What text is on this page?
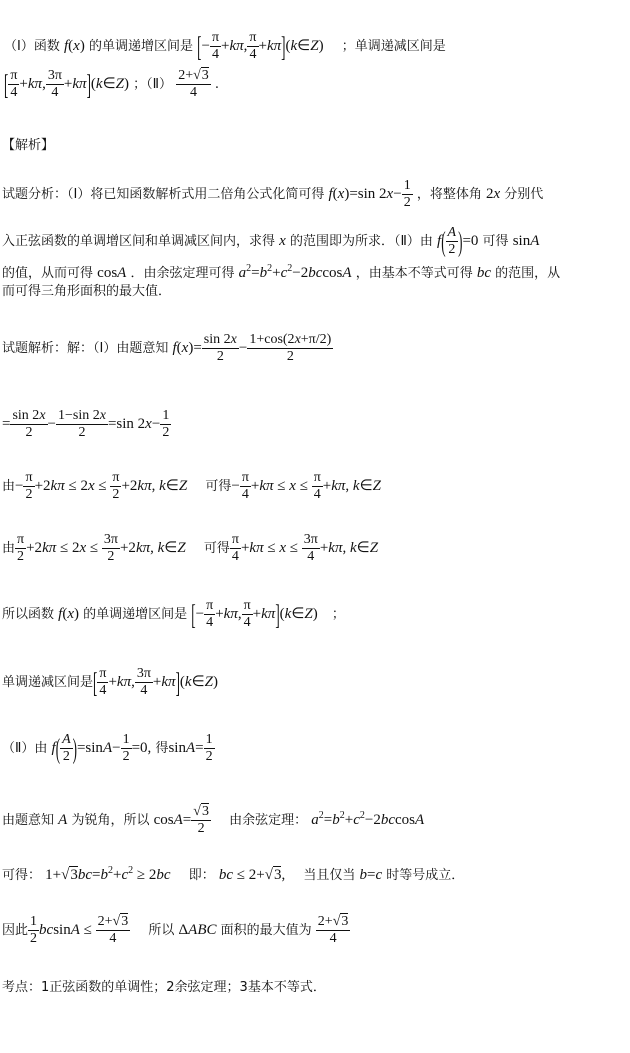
（Ⅰ）函数 f(x) 的单调递增区间是 [− $\frac{\pi}{4} +k\pi$, $\frac{\pi}{4}$ +kπ](k∈Z) ；单调递减区间是
[ $\frac{\pi}{4} +k\pi$, $\frac{3\pi}{4}$ +kπ](k∈Z) ；（Ⅱ） $\frac{2+√3}{4}$ .
【解析】
试题分析：（Ⅰ）将已知函数解析式用二倍角公式化简可得 f(x)=sin $2x- \frac{1}{2}$ ，将整体角 2x 分别代
入正弦函数的单调增区间和单调减区间内，求得 x 的范围即为所求．（Ⅱ）由 $f( \frac{A}{2} )=0$ 可得 sinA
的值，从而可得 cosA ．由余弦定理可得 $a^2=b^2+c^2-2bccosA$ ，由基本不等式可得 bc 的范围，从
而可得三角形面积的最大值．
试题解析：解：（Ⅰ）由题意知 $f(x)= \frac{\sin 2x}{2} - \frac{1+\cos(2x+\pi/2)}{2}$
= $\frac{\sin 2x}{2} - \frac{1-\sin 2x}{2} =\sin$ $2x- \frac{1}{2}$
由− $\frac{\pi}{2} +2k\pi \le 2x \le \frac{\pi}{2} +2k\pi$, k∈Z 可得− $\frac{\pi}{4} +k\pi \le x \le \frac{\pi}{4} +k\pi$, k∈Z
由 $\frac{\pi}{2} +2k\pi \le 2x \le \frac{3\pi}{2} +2k\pi$, k∈Z 可得 $\frac{\pi}{4} +k\pi \le x \le \frac{3\pi}{4} +k\pi$, k∈Z
所以函数 f(x) 的单调递增区间是 [− $\frac{\pi}{4} +k\pi$, $\frac{\pi}{4}$ +kπ](k∈Z) ；
单调递减区间是[ $\frac{\pi}{4} +k\pi$, $\frac{3\pi}{4}$ +kπ](k∈Z)
（Ⅱ）由 $f( \frac{A}{2} )=\sin A- \frac{1}{2} =0$, 得$\sin A= \frac{1}{2}$
由题意知 A 为锐角，所以 $\cos A= \frac{√3}{2}$ 由余弦定理： $a^2=b^2+c^2-2bccosA$
可得： $1+√3bc=b^2+c^2 \ge 2bc$ 即： bc ≤ 2+√3, 当且仅当 b=c 时等号成立．
因此 $\frac{1}{2}$ $bcsinA \le \frac{2+√3}{4}$ 所以 ΔABC 面积的最大值为 $\frac{2+√3}{4}$
考点：1正弦函数的单调性；2余弦定理；3基本不等式．
